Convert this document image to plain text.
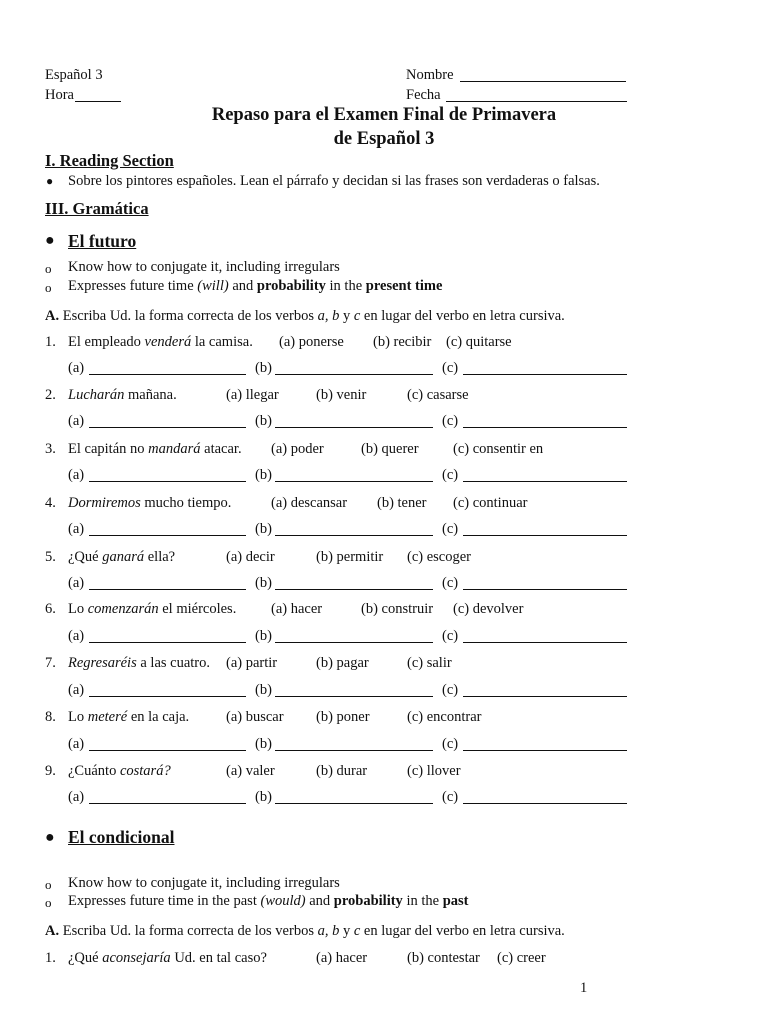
Español 3
Hora
Nombre
Fecha
Repaso para el Examen Final de Primavera
de Español 3
I. Reading Section
● Sobre los pintores españoles. Lean el párrafo y decidan si las frases son verdaderas o falsas.
III. Gramática
● El futuro
o Know how to conjugate it, including irregulars
o Expresses future time (will) and probability in the present time
A. Escriba Ud. la forma correcta de los verbos a, b y c en lugar del verbo en letra cursiva.
1. El empleado venderá la camisa. (a) ponerse (b) recibir (c) quitarse
(a)	(b)	(c)
2. Lucharán mañana.	(a) llegar	(b) venir	(c) casarse
(a)	(b)	(c)
3. El capitán no mandará atacar. (a) poder	(b) querer (c) consentir en
(a)	(b)	(c)
4. Dormiremos mucho tiempo.	(a) descansar (b) tener (c) continuar
(a)	(b)	(c)
5. ¿Qué ganará ella?	(a) decir	(b) permitir (c) escoger
(a)	(b)	(c)
6. Lo comenzarán el miércoles. (a) hacer	(b) construir (c) devolver
(a)	(b)	(c)
7. Regresaréis a las cuatro. (a) partir	(b) pagar	(c) salir
(a)	(b)	(c)
8. Lo meteré en la caja.	(a) buscar (b) poner	(c) encontrar
(a)	(b)	(c)
9. ¿Cuánto costará?	(a) valer	(b) durar	(c) llover
(a)	(b)	(c)
● El condicional
o Know how to conjugate it, including irregulars
o Expresses future time in the past (would) and probability in the past
A. Escriba Ud. la forma correcta de los verbos a, b y c en lugar del verbo en letra cursiva.
1. ¿Qué aconsejaría Ud. en tal caso?	(a) hacer	(b) contestar (c) creer
1
